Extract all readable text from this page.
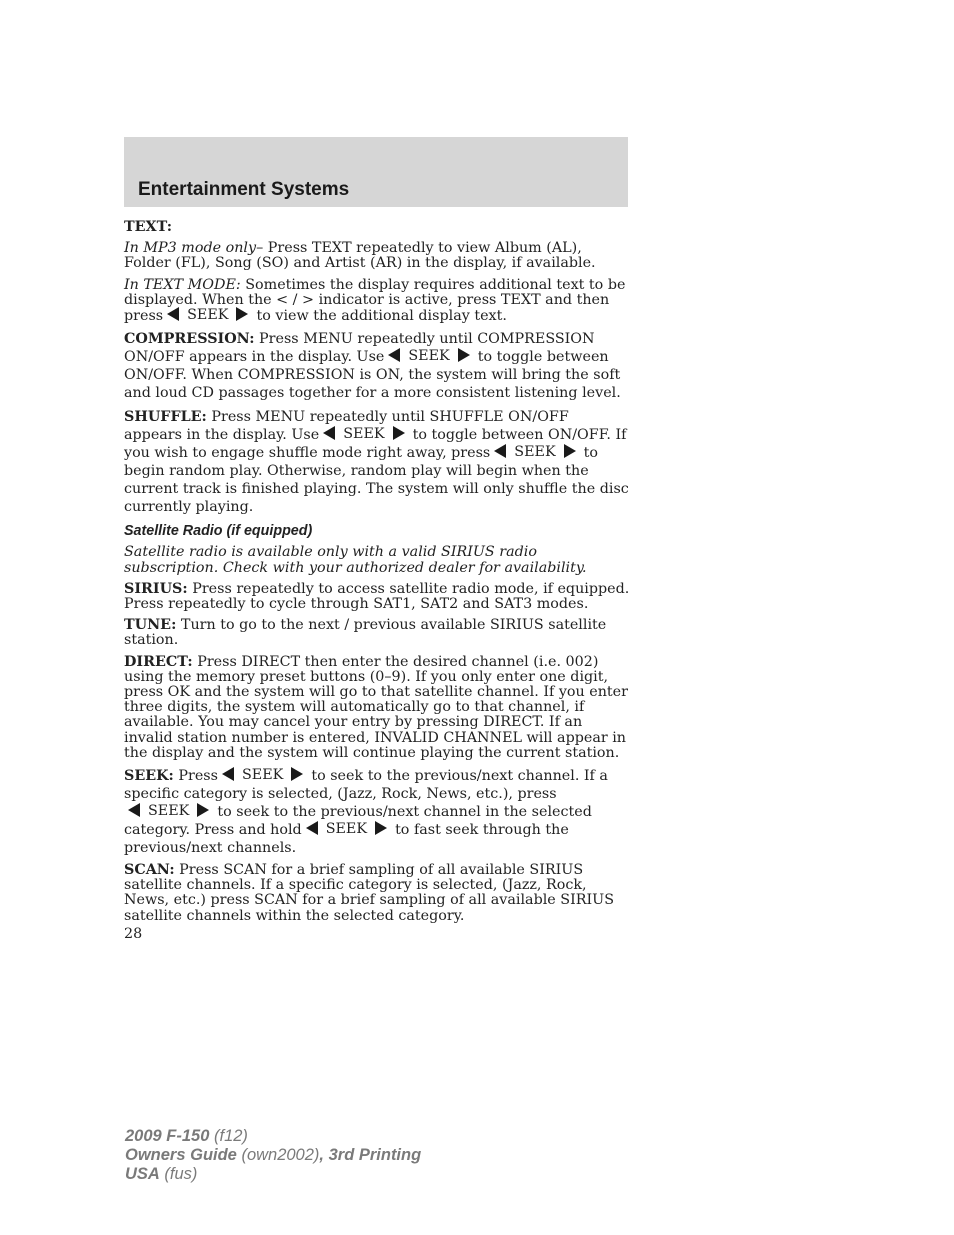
Entertainment Systems

TEXT:

In MP3 mode only– Press TEXT repeatedly to view Album (AL), Folder (FL), Song (SO) and Artist (AR) in the display, if available.

In TEXT MODE: Sometimes the display requires additional text to be displayed. When the < / > indicator is active, press TEXT and then press SEEK to view the additional display text.

COMPRESSION: Press MENU repeatedly until COMPRESSION ON/OFF appears in the display. Use SEEK to toggle between ON/OFF. When COMPRESSION is ON, the system will bring the soft and loud CD passages together for a more consistent listening level.

SHUFFLE: Press MENU repeatedly until SHUFFLE ON/OFF appears in the display. Use SEEK to toggle between ON/OFF. If you wish to engage shuffle mode right away, press SEEK to begin random play. Otherwise, random play will begin when the current track is finished playing. The system will only shuffle the disc currently playing.

Satellite Radio (if equipped)

Satellite radio is available only with a valid SIRIUS radio subscription. Check with your authorized dealer for availability.

SIRIUS: Press repeatedly to access satellite radio mode, if equipped. Press repeatedly to cycle through SAT1, SAT2 and SAT3 modes.

TUNE: Turn to go to the next / previous available SIRIUS satellite station.

DIRECT: Press DIRECT then enter the desired channel (i.e. 002) using the memory preset buttons (0–9). If you only enter one digit, press OK and the system will go to that satellite channel. If you enter three digits, the system will automatically go to that channel, if available. You may cancel your entry by pressing DIRECT. If an invalid station number is entered, INVALID CHANNEL will appear in the display and the system will continue playing the current station.

SEEK: Press SEEK to seek to the previous/next channel. If a specific category is selected, (Jazz, Rock, News, etc.), pressSEEK to seek to the previous/next channel in the selected category. Press and hold SEEK to fast seek through the previous/next channels.

SCAN: Press SCAN for a brief sampling of all available SIRIUS satellite channels. If a specific category is selected, (Jazz, Rock, News, etc.) press SCAN for a brief sampling of all available SIRIUS satellite channels within the selected category.

28
2009 F-150 (f12)
Owners Guide (own2002), 3rd Printing
USA (fus)
